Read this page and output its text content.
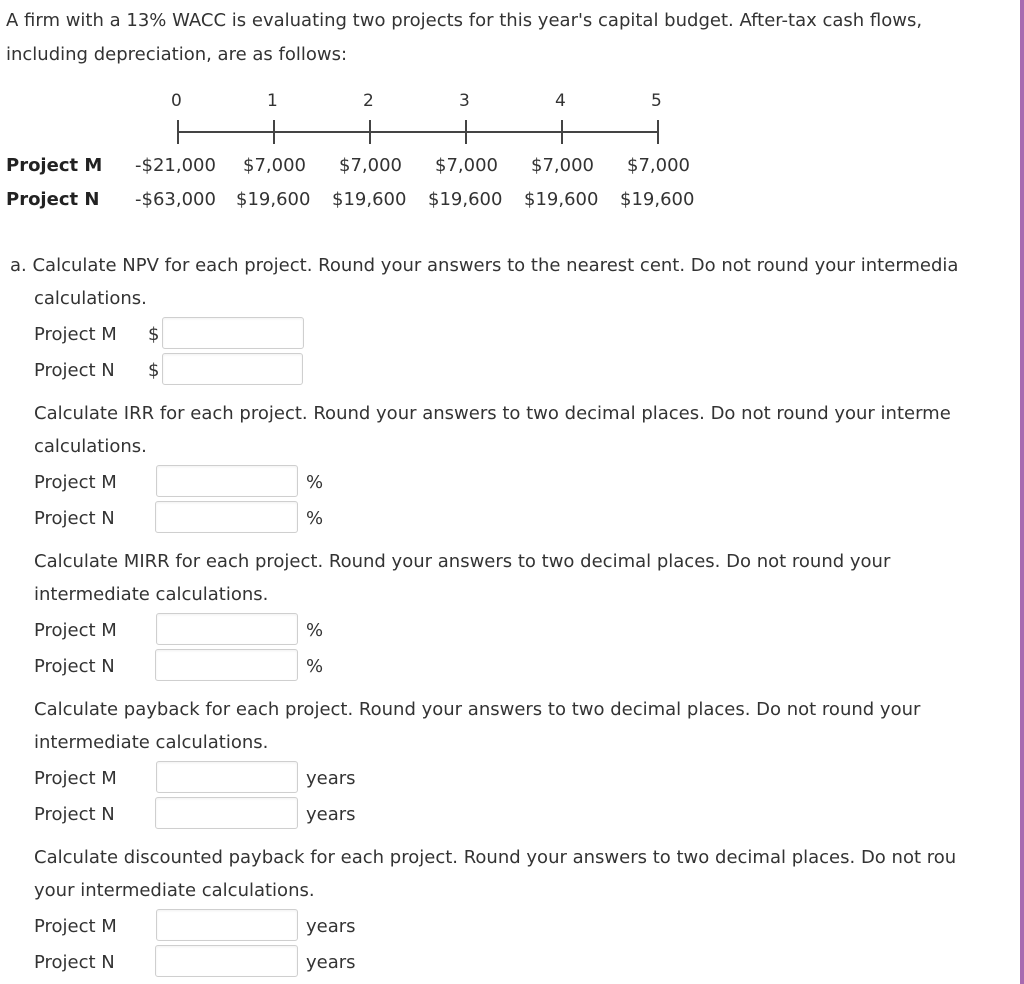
A firm with a 13% WACC is evaluating two projects for this year's capital budget. After-tax cash flows,
including depreciation, are as follows:
0	1	2	3	4	5
Project M -$21,000 $7,000 $7,000 $7,000 $7,000 $7,000
Project N -$63,000 $19,600 $19,600 $19,600 $19,600 $19,600
a. Calculate NPV for each project. Round your answers to the nearest cent. Do not round your intermedia
calculations.
Project M $
Project N $
Calculate IRR for each project. Round your answers to two decimal places. Do not round your interme
calculations.
Project M	%
Project N	%
Calculate MIRR for each project. Round your answers to two decimal places. Do not round your
intermediate calculations.
Project M	%
Project N	%
Calculate payback for each project. Round your answers to two decimal places. Do not round your
intermediate calculations.
Project M	years
Project N	years
Calculate discounted payback for each project. Round your answers to two decimal places. Do not rou
your intermediate calculations.
Project M	years
Project N	years
